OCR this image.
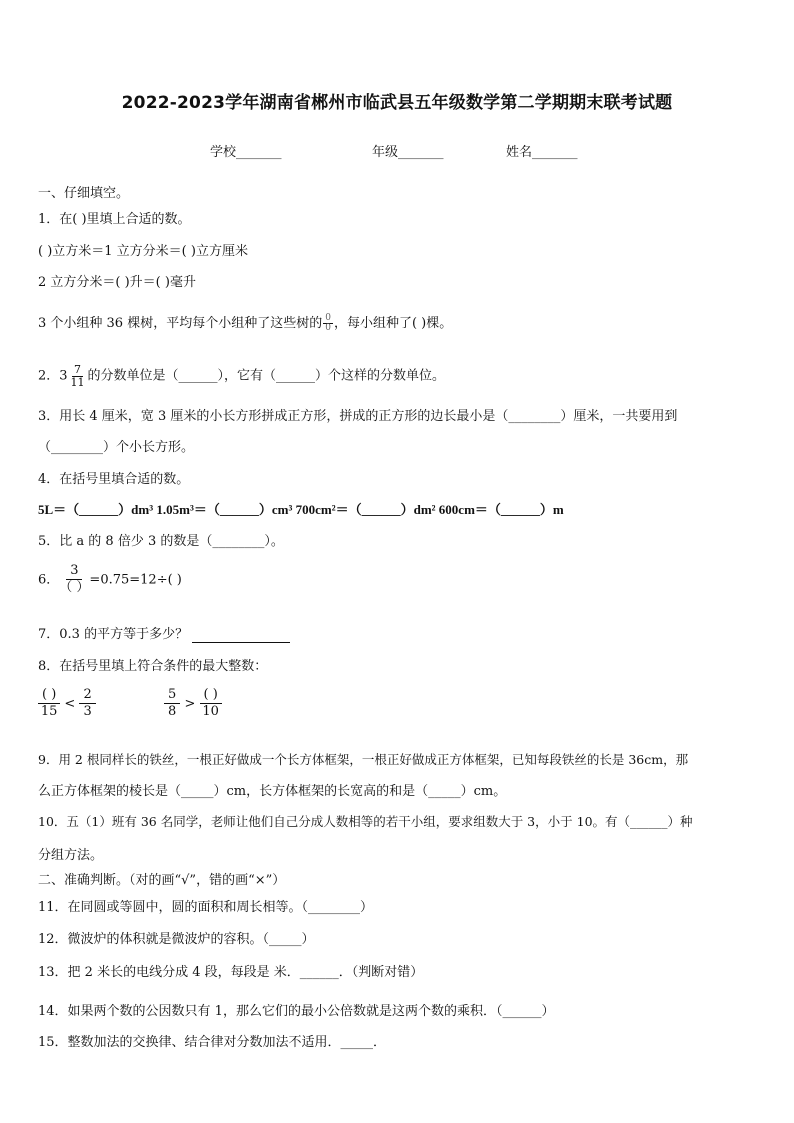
2022-2023学年湖南省郴州市临武县五年级数学第二学期期末联考试题
学校_______	年级_______	姓名_______
一、仔细填空。
1．在( )里填上合适的数。
( )立方米＝1 立方分米＝( )立方厘米
2 立方分米＝( )升＝( )毫升
3 个小组种 36 棵树，平均每个小组种了这些树的 $\frac{0}{0}$ ，每小组种了( )棵。
2．$3 \frac{7}{11}$ 的分数单位是（______），它有（______）个这样的分数单位。
3．用长 4 厘米，宽 3 厘米的小长方形拼成正方形，拼成的正方形的边长最小是（________）厘米，一共要用到
（________）个小长方形。
4．在括号里填合适的数。
5L＝（______）dm³ 1.05m³＝（______）cm³ 700cm²＝（______）dm² 600cm＝（______）m
5．比 a 的 8 倍少 3 的数是（________）。
6． $\frac{3}{( )} =0.75=12\div$( )
7．0.3 的平方等于多少？
8．在括号里填上符合条件的最大整数：
$\frac{( )}{15} < \frac{2}{3}$
	$\frac{5}{8} > \frac{( )}{10}$
9．用 2 根同样长的铁丝，一根正好做成一个长方体框架，一根正好做成正方体框架，已知每段铁丝的长是 36cm，那
么正方体框架的棱长是（_____）cm，长方体框架的长宽高的和是（_____）cm。
10．五（1）班有 36 名同学，老师让他们自己分成人数相等的若干小组，要求组数大于 3，小于 10。有（______）种
分组方法。
二、准确判断。（对的画“√”，错的画“×”）
11．在同圆或等圆中，圆的面积和周长相等。（________）
12．微波炉的体积就是微波炉的容积。（_____）
13．把 2 米长的电线分成 4 段，每段是 米．______．（判断对错）
14．如果两个数的公因数只有 1，那么它们的最小公倍数就是这两个数的乘积．（______）
15．整数加法的交换律、结合律对分数加法不适用．_____．
